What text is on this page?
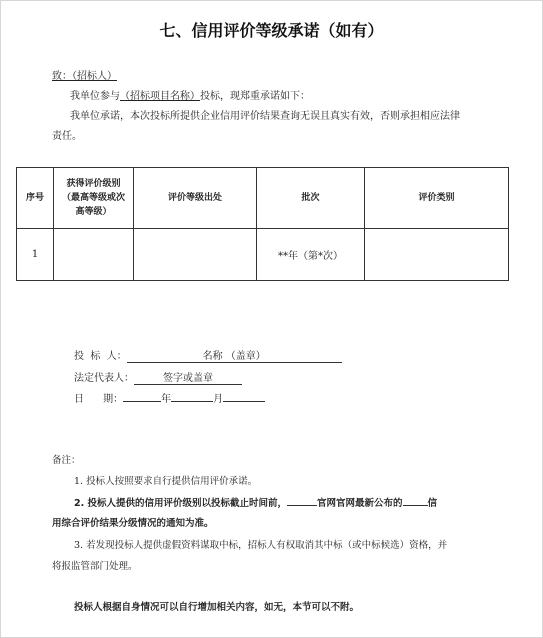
七、信用评价等级承诺（如有）
致：（招标人）
我单位参与（招标项目名称）投标，现郑重承诺如下：
我单位承诺，本次投标所提供企业信用评价结果查询无误且真实有效，否则承担相应法律
责任。
序号	获得评价级别（最高等级或次高等级）	评价等级出处	批次	评价类别
1			**年（第*次）	
投  标  人：	名称 （盖章）
法定代表人：	签字或盖章
日      期：	年	月
备注：
1. 投标人按照要求自行提供信用评价承诺。
2. 投标人提供的信用评价级别以投标截止时间前，	官网官网最新公布的	信
用综合评价结果分级情况的通知为准。
3. 若发现投标人提供虚假资料谋取中标，招标人有权取消其中标（或中标候选）资格，并
将报监管部门处理。
投标人根据自身情况可以自行增加相关内容，如无，本节可以不附。
